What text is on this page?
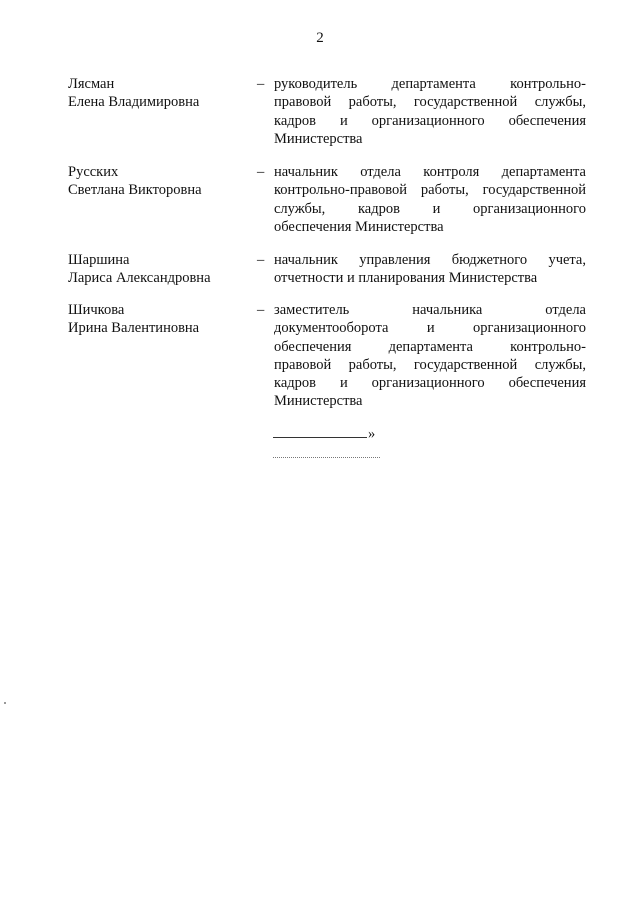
2
Лясман
Елена Владимировна
– руководитель департамента контрольно-
правовой работы, государственной службы,
кадров и организационного обеспечения
Министерства
Русских
Светлана Викторовна
– начальник отдела контроля департамента
контрольно-правовой работы, государственной
службы, кадров и организационного
обеспечения Министерства
Шаршина
Лариса Александровна
– начальник управления бюджетного учета,
отчетности и планирования Министерства
Шичкова
Ирина Валентиновна
– заместитель начальника отдела
документооборота и организационного
обеспечения департамента контрольно-
правовой работы, государственной службы,
кадров и организационного обеспечения
Министерства
»
